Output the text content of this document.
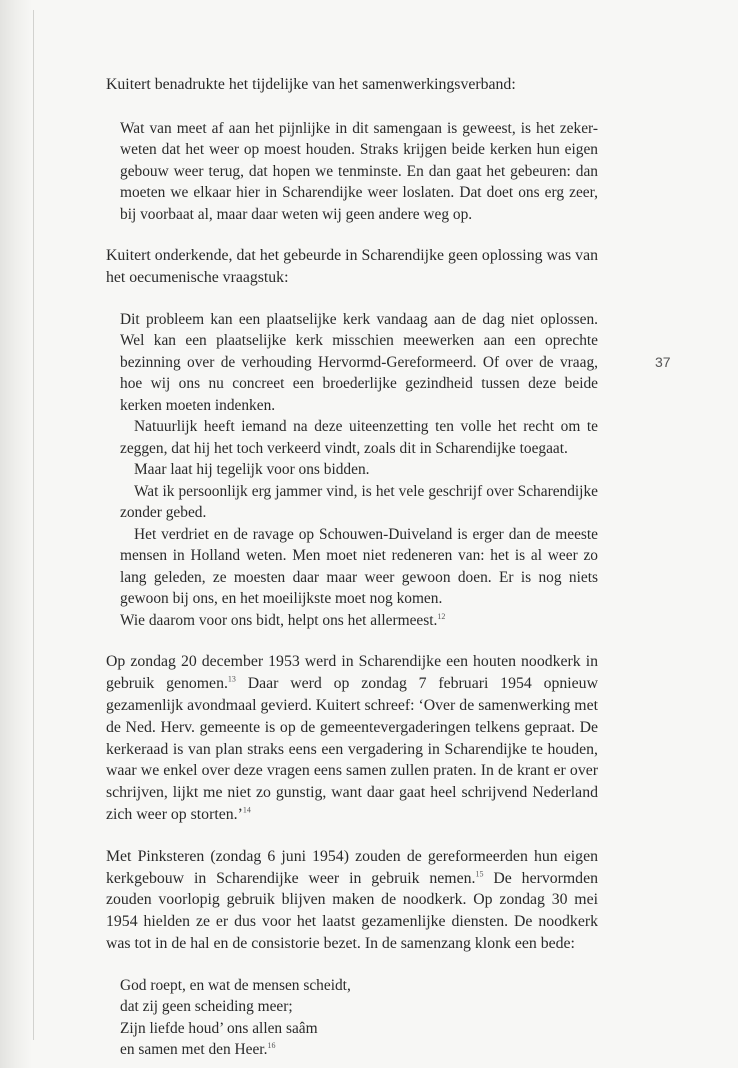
37

Kuitert benadrukte het tijdelijke van het samenwerkingsverband:

Wat van meet af aan het pijnlijke in dit samengaan is geweest, is het zeker-weten dat het weer op moest houden. Straks krijgen beide kerken hun eigen gebouw weer terug, dat hopen we tenminste. En dan gaat het gebeuren: dan moeten we elkaar hier in Scharendijke weer loslaten. Dat doet ons erg zeer, bij voorbaat al, maar daar weten wij geen andere weg op.

Kuitert onderkende, dat het gebeurde in Scharendijke geen oplossing was van het oecumenische vraagstuk:

Dit probleem kan een plaatselijke kerk vandaag aan de dag niet oplossen. Wel kan een plaatselijke kerk misschien meewerken aan een oprechte bezinning over de verhouding Hervormd-Gereformeerd. Of over de vraag, hoe wij ons nu concreet een broederlijke gezindheid tussen deze beide kerken moeten indenken.

Natuurlijk heeft iemand na deze uiteenzetting ten volle het recht om te zeggen, dat hij het toch verkeerd vindt, zoals dit in Scharendijke toegaat.

Maar laat hij tegelijk voor ons bidden.

Wat ik persoonlijk erg jammer vind, is het vele geschrijf over Scharendijke zonder gebed.

Het verdriet en de ravage op Schouwen-Duiveland is erger dan de meeste mensen in Holland weten. Men moet niet redeneren van: het is al weer zo lang geleden, ze moesten daar maar weer gewoon doen. Er is nog niets gewoon bij ons, en het moeilijkste moet nog komen.

Wie daarom voor ons bidt, helpt ons het allermeest.$^{12}$

Op zondag 20 december 1953 werd in Scharendijke een houten noodkerk in gebruik genomen.$^{13}$ Daar werd op zondag 7 februari 1954 opnieuw gezamenlijk avondmaal gevierd. Kuitert schreef: ‘Over de samenwerking met de Ned. Herv. gemeente is op de gemeentevergaderingen telkens gepraat. De kerkeraad is van plan straks eens een vergadering in Scharendijke te houden, waar we enkel over deze vragen eens samen zullen praten. In de krant er over schrijven, lijkt me niet zo gunstig, want daar gaat heel schrijvend Nederland zich weer op storten.’$^{14}$

Met Pinksteren (zondag 6 juni 1954) zouden de gereformeerden hun eigen kerkgebouw in Scharendijke weer in gebruik nemen.$^{15}$ De hervormden zouden voorlopig gebruik blijven maken de noodkerk. Op zondag 30 mei 1954 hielden ze er dus voor het laatst gezamenlijke diensten. De noodkerk was tot in de hal en de consistorie bezet. In de samenzang klonk een bede:

God roept, en wat de mensen scheidt,
dat zij geen scheiding meer;
Zijn liefde houd’ ons allen saâm
en samen met den Heer.$^{16}$
